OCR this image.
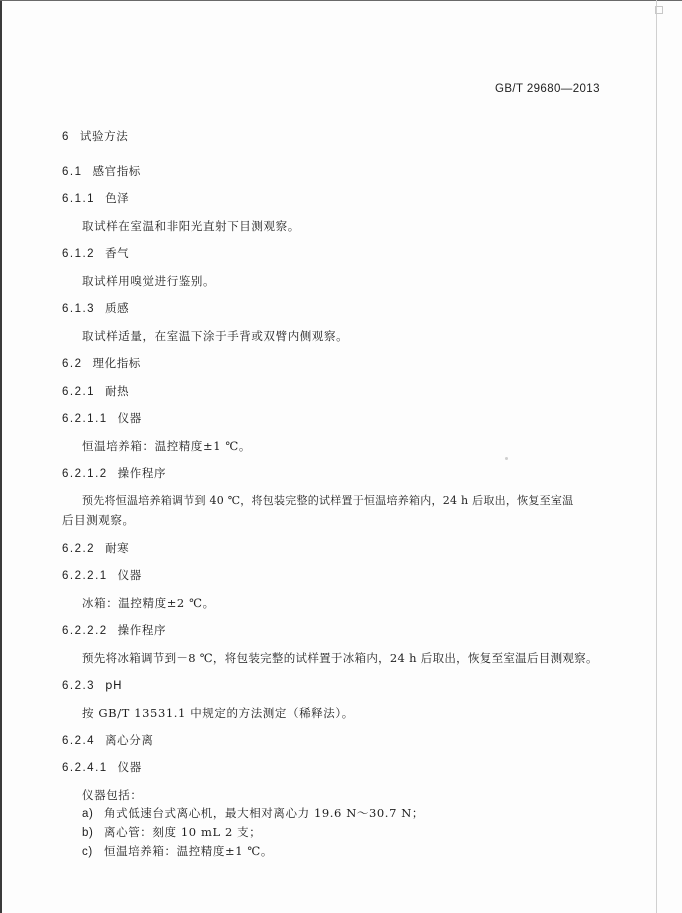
GB/T 29680—2013
6 试验方法
6.1 感官指标
6.1.1 色泽
取试样在室温和非阳光直射下目测观察。
6.1.2 香气
取试样用嗅觉进行鉴别。
6.1.3 质感
取试样适量，在室温下涂于手背或双臂内侧观察。
6.2 理化指标
6.2.1 耐热
6.2.1.1 仪器
恒温培养箱：温控精度±1 ℃。
6.2.1.2 操作程序
预先将恒温培养箱调节到 40 ℃，将包装完整的试样置于恒温培养箱内，24 h 后取出，恢复至室温
后目测观察。
6.2.2 耐寒
6.2.2.1 仪器
冰箱：温控精度±2 ℃。
6.2.2.2 操作程序
预先将冰箱调节到－8 ℃，将包装完整的试样置于冰箱内，24 h 后取出，恢复至室温后目测观察。
6.2.3 pH
按 GB/T 13531.1 中规定的方法测定（稀释法）。
6.2.4 离心分离
6.2.4.1 仪器
仪器包括：
a) 角式低速台式离心机，最大相对离心力 19.6 N～30.7 N；
b) 离心管：刻度 10 mL 2 支；
c) 恒温培养箱：温控精度±1 ℃。
